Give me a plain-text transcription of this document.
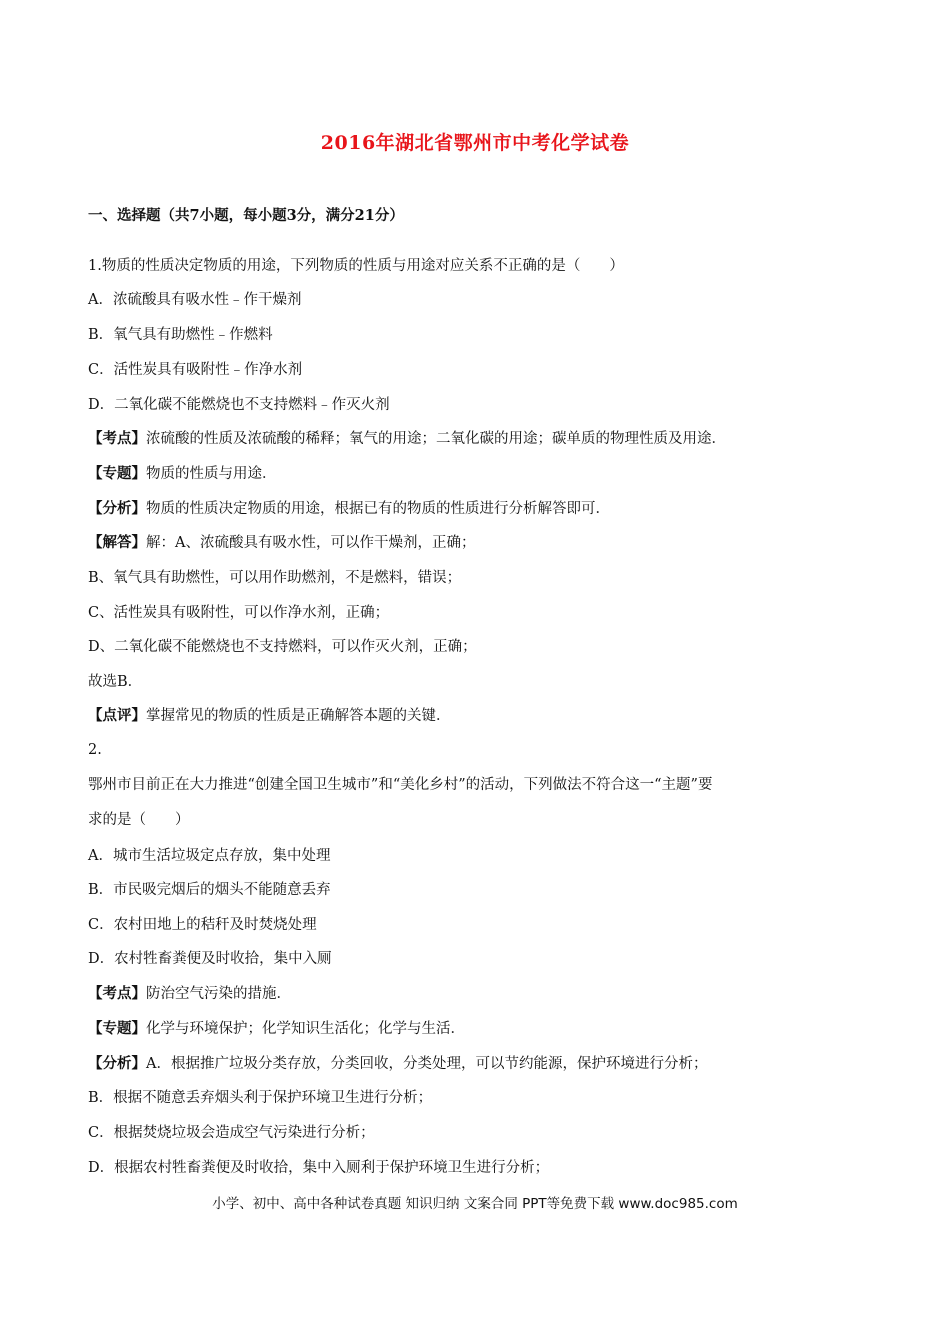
2016年湖北省鄂州市中考化学试卷
一、选择题（共7小题，每小题3分，满分21分）
1.物质的性质决定物质的用途，下列物质的性质与用途对应关系不正确的是（　　）
A．浓硫酸具有吸水性﹣作干燥剂
B．氧气具有助燃性﹣作燃料
C．活性炭具有吸附性﹣作净水剂
D．二氧化碳不能燃烧也不支持燃料﹣作灭火剂
【考点】浓硫酸的性质及浓硫酸的稀释；氧气的用途；二氧化碳的用途；碳单质的物理性质及用途．
【专题】物质的性质与用途．
【分析】物质的性质决定物质的用途，根据已有的物质的性质进行分析解答即可．
【解答】解：A、浓硫酸具有吸水性，可以作干燥剂，正确；
B、氧气具有助燃性，可以用作助燃剂，不是燃料，错误；
C、活性炭具有吸附性，可以作净水剂，正确；
D、二氧化碳不能燃烧也不支持燃料，可以作灭火剂，正确；
故选B．
【点评】掌握常见的物质的性质是正确解答本题的关键．
2.
鄂州市目前正在大力推进“创建全国卫生城市”和“美化乡村”的活动，下列做法不符合这一“主题”要
求的是（　　）
A．城市生活垃圾定点存放，集中处理
B．市民吸完烟后的烟头不能随意丢弃
C．农村田地上的秸秆及时焚烧处理
D．农村牲畜粪便及时收拾，集中入厕
【考点】防治空气污染的措施．
【专题】化学与环境保护；化学知识生活化；化学与生活．
【分析】A．根据推广垃圾分类存放，分类回收，分类处理，可以节约能源，保护环境进行分析；
B．根据不随意丢弃烟头利于保护环境卫生进行分析；
C．根据焚烧垃圾会造成空气污染进行分析；
D．根据农村牲畜粪便及时收拾，集中入厕利于保护环境卫生进行分析；
小学、初中、高中各种试卷真题 知识归纳 文案合同 PPT等免费下载 www.doc985.com
